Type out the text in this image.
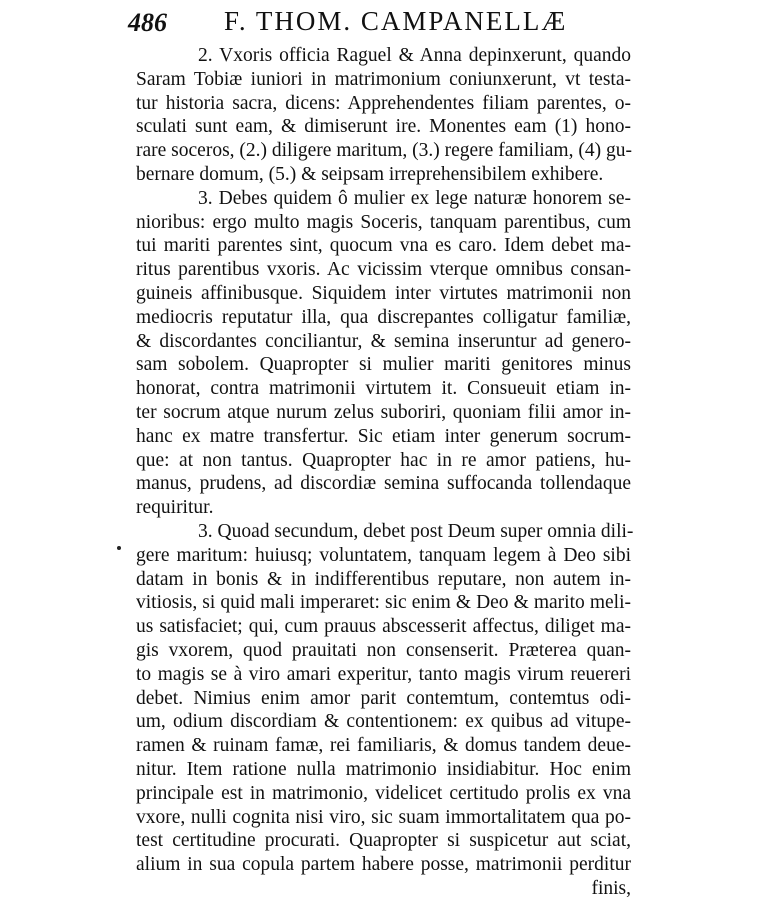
486 F. THOM. CAMPANELLÆ
2. Vxoris officia Raguel & Anna depinxerunt, quando
Saram Tobiæ iuniori in matrimonium coniunxerunt, vt testa-
tur historia sacra, dicens: Apprehendentes filiam parentes, o-
sculati sunt eam, & dimiserunt ire. Monentes eam (1) hono-
rare soceros, (2.) diligere maritum, (3.) regere familiam, (4) gu-
bernare domum, (5.) & seipsam irreprehensibilem exhibere.
3. Debes quidem ô mulier ex lege naturæ honorem se-
nioribus: ergo multo magis Soceris, tanquam parentibus, cum
tui mariti parentes sint, quocum vna es caro. Idem debet ma-
ritus parentibus vxoris. Ac vicissim vterque omnibus consan-
guineis affinibusque. Siquidem inter virtutes matrimonii non
mediocris reputatur illa, qua discrepantes colligatur familiæ,
& discordantes conciliantur, & semina inseruntur ad genero-
sam sobolem. Quapropter si mulier mariti genitores minus
honorat, contra matrimonii virtutem it. Consueuit etiam in-
ter socrum atque nurum zelus suboriri, quoniam filii amor in-
hanc ex matre transfertur. Sic etiam inter generum socrum-
que: at non tantus. Quapropter hac in re amor patiens, hu-
manus, prudens, ad discordiæ semina suffocanda tollendaque
requiritur.
3. Quoad secundum, debet post Deum super omnia dili-
gere maritum: huiusq; voluntatem, tanquam legem à Deo sibi
datam in bonis & in indifferentibus reputare, non autem in-
vitiosis, si quid mali imperaret: sic enim & Deo & marito meli-
us satisfaciet; qui, cum prauus abscesserit affectus, diliget ma-
gis vxorem, quod prauitati non consenserit. Præterea quan-
to magis se à viro amari experitur, tanto magis virum reuereri
debet. Nimius enim amor parit contemtum, contemtus odi-
um, odium discordiam & contentionem: ex quibus ad vitupe-
ramen & ruinam famæ, rei familiaris, & domus tandem deue-
nitur. Item ratione nulla matrimonio insidiabitur. Hoc enim
principale est in matrimonio, videlicet certitudo prolis ex vna
vxore, nulli cognita nisi viro, sic suam immortalitatem qua po-
test certitudine procurati. Quapropter si suspicetur aut sciat,
alium in sua copula partem habere posse, matrimonii perditur
finis,
